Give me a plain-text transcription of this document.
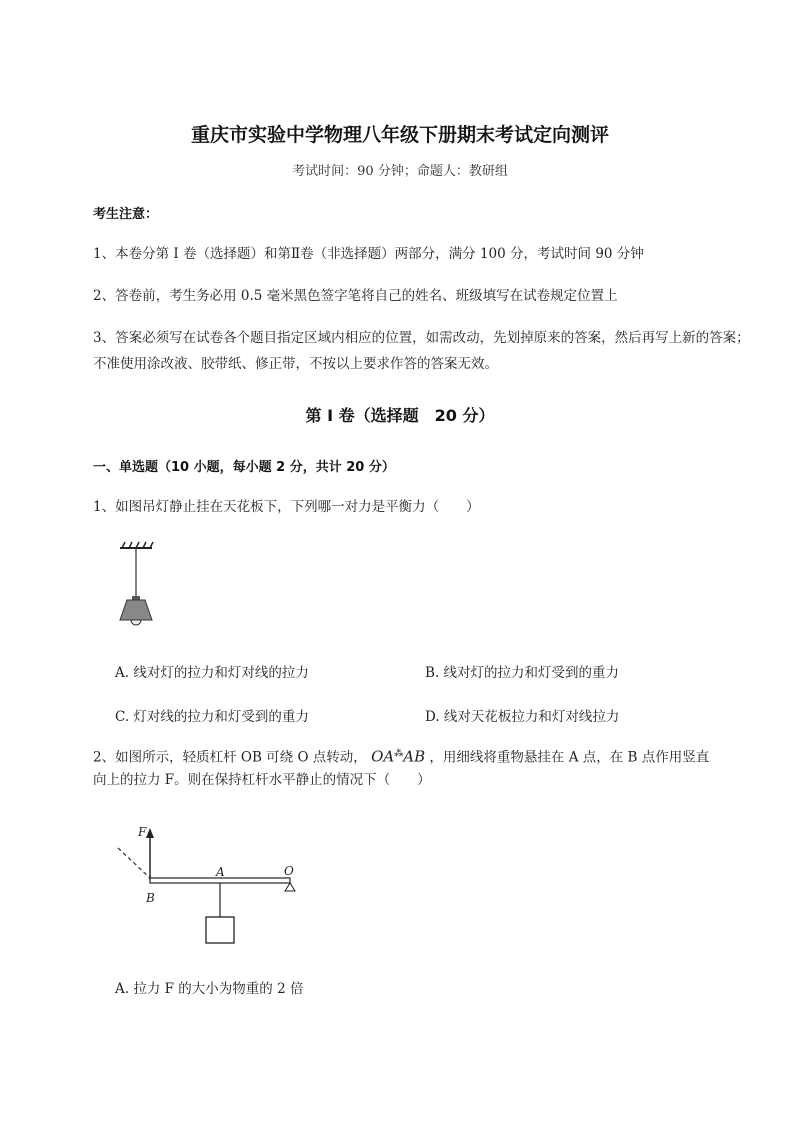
重庆市实验中学物理八年级下册期末考试定向测评
考试时间：90 分钟；命题人：教研组
考生注意：
1、本卷分第 I 卷（选择题）和第Ⅱ卷（非选择题）两部分，满分 100 分，考试时间 90 分钟
2、答卷前，考生务必用 0.5 毫米黑色签字笔将自己的姓名、班级填写在试卷规定位置上
3、答案必须写在试卷各个题目指定区域内相应的位置，如需改动，先划掉原来的答案，然后再写上新的答案；不准使用涂改液、胶带纸、修正带，不按以上要求作答的答案无效。
第 I 卷（选择题　20 分）
一、单选题（10 小题，每小题 2 分，共计 20 分）
1、如图吊灯静止挂在天花板下，下列哪一对力是平衡力（　　）
A. 线对灯的拉力和灯对线的拉力	B. 线对灯的拉力和灯受到的重力
C. 灯对线的拉力和灯受到的重力	D. 线对天花板拉力和灯对线拉力
2、如图所示，轻质杠杆 OB 可绕 O 点转动， OA⁂AB ，用细线将重物悬挂在 A 点，在 B 点作用竖直
向上的拉力 F。则在保持杠杆水平静止的情况下（　　）
F
A	O
B
A. 拉力 F 的大小为物重的 2 倍
